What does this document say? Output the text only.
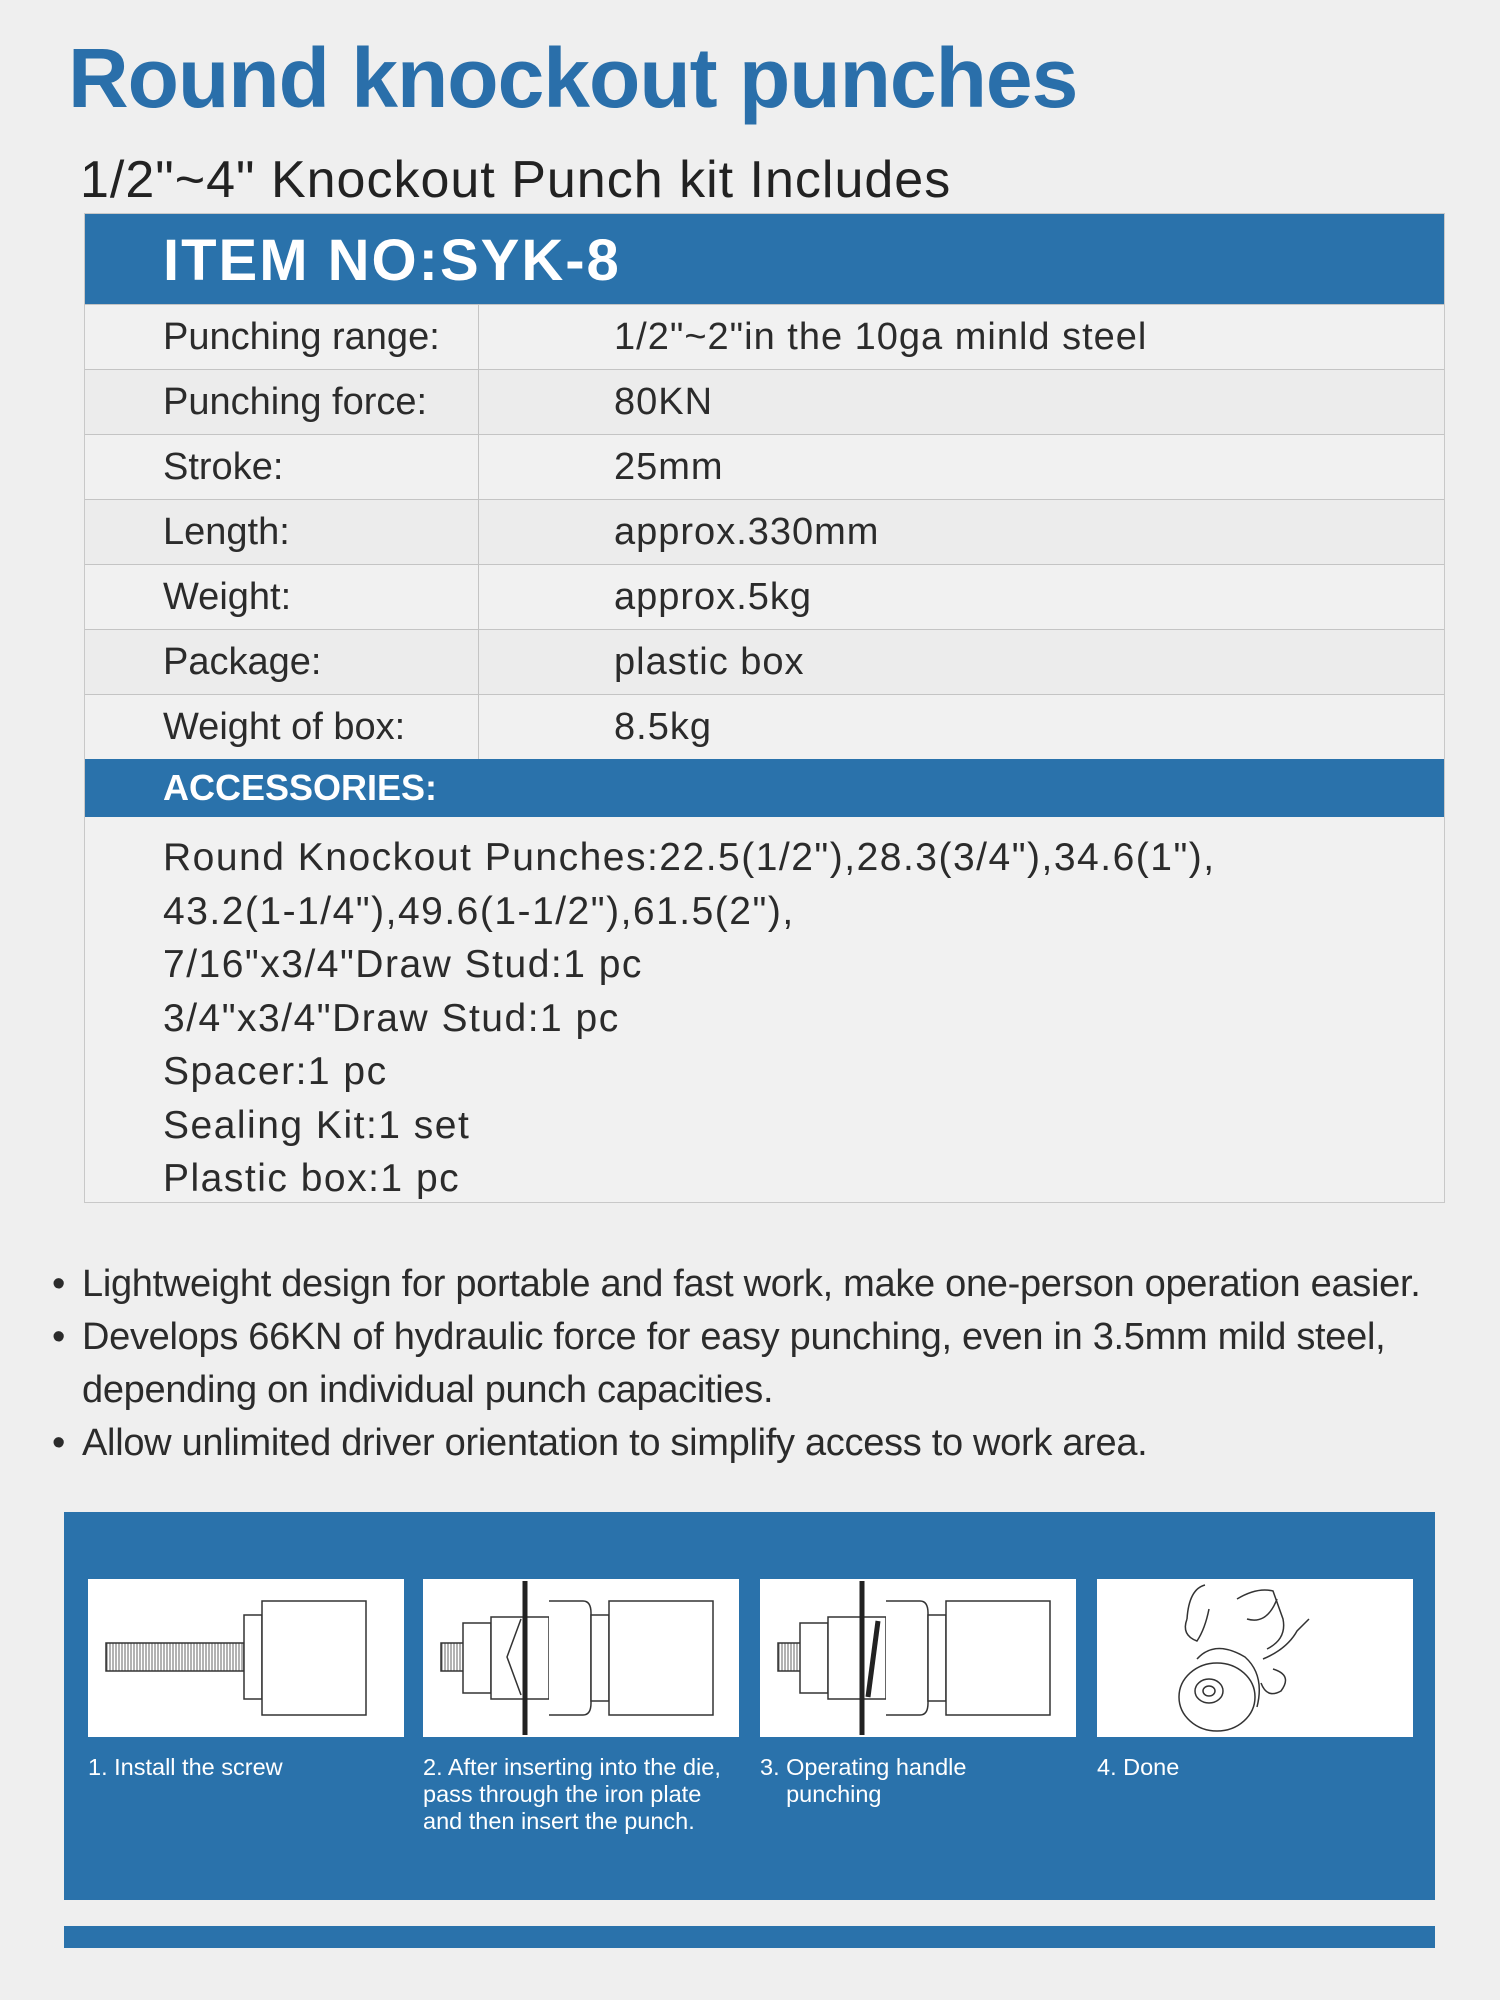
Round knockout punches
1/2"~4" Knockout Punch kit Includes
ITEM NO:SYK-8
Punching range:	1/2"~2"in the 10ga minld steel
Punching force:	80KN
Stroke:	25mm
Length:	approx.330mm
Weight:	approx.5kg
Package:	plastic box
Weight of box:	8.5kg
ACCESSORIES:
Round Knockout Punches:22.5(1/2"),28.3(3/4"),34.6(1"),
43.2(1-1/4"),49.6(1-1/2"),61.5(2"),
7/16"x3/4"Draw Stud:1 pc
3/4"x3/4"Draw Stud:1 pc
Spacer:1 pc
Sealing Kit:1 set
Plastic box:1 pc
• Lightweight design for portable and fast work, make one-person operation easier.
• Develops 66KN of hydraulic force for easy punching, even in 3.5mm mild steel, depending on individual punch capacities.
• Allow unlimited driver orientation to simplify access to work area.
1. Install the screw	2. After inserting into the die, pass through the iron plate and then insert the punch.
3. Operating handle
punching
4. Done
